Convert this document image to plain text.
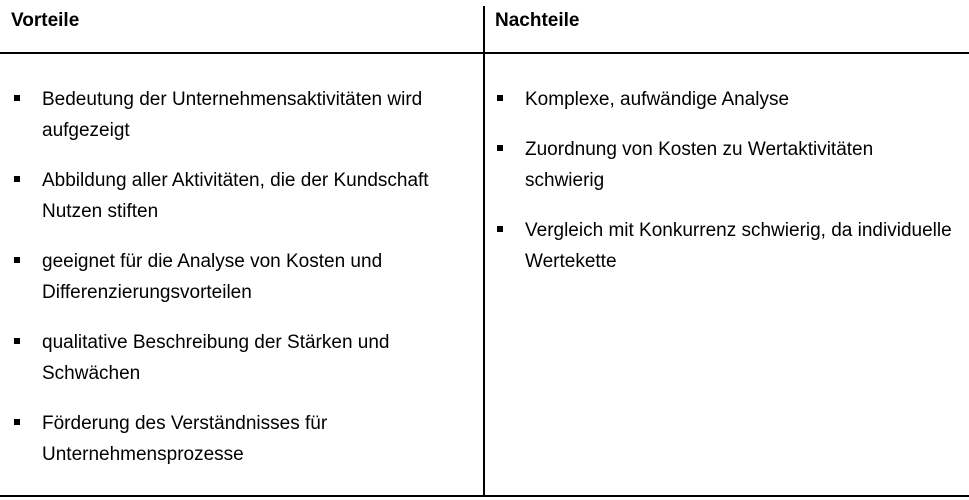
Vorteile	Nachteile
Bedeutung der Unternehmensaktivitäten wird aufgezeigt
Abbildung aller Aktivitäten, die der Kundschaft Nutzen stiften
geeignet für die Analyse von Kosten und Differenzierungsvorteilen
qualitative Beschreibung der Stärken und Schwächen
Förderung des Verständnisses für Unternehmensprozesse
Komplexe, aufwändige Analyse
Zuordnung von Kosten zu Wertaktivitäten schwierig
Vergleich mit Konkurrenz schwierig, da individuelle Wertekette
